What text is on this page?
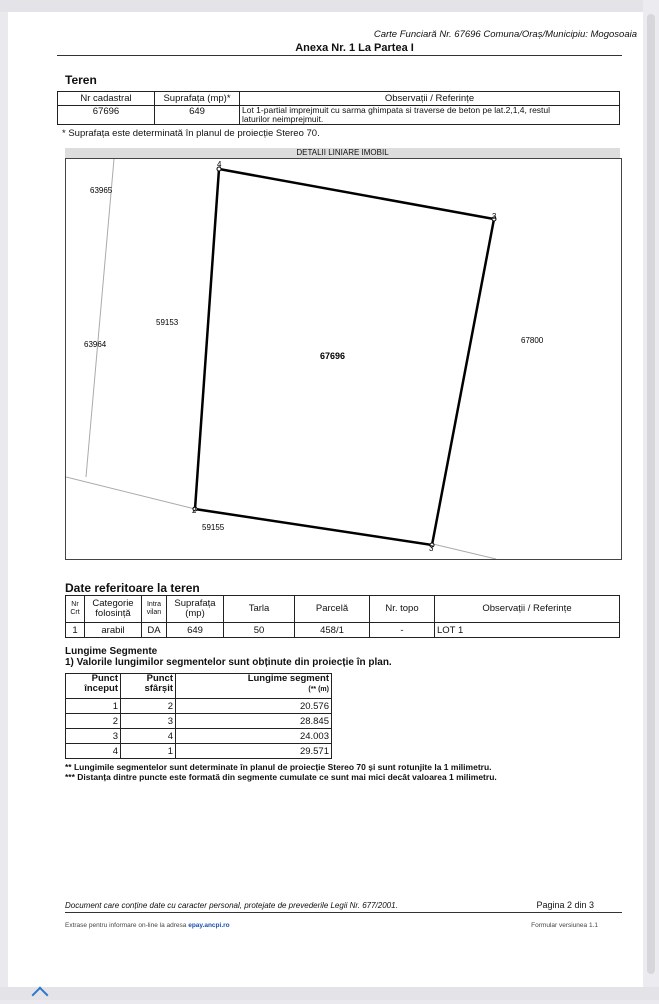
Carte Funciară Nr. 67696 Comuna/Oraș/Municipiu: Mogosoaia
Anexa Nr. 1 La Partea I
Teren
Nr cadastral	Suprafața (mp)*	Observații / Referințe
67696	649	Lot 1-partial imprejmuit cu sarma ghimpata si traverse de beton pe lat.2,1,4, restul
laturilor neimprejmuit.
* Suprafața este determinată în planul de proiecție Stereo 70.
DETALII LINIARE IMOBIL
4
3
3
2
67696
63965
63964
59153
59155
67800
Date referitoare la teren
Nr Crt	Categorie folosință	Intra vilan	Suprafața (mp)	Tarla	Parcelă	Nr. topo	Observații / Referințe
1	arabil	DA	649	50	458/1	-	LOT 1
Lungime Segmente
1) Valorile lungimilor segmentelor sunt obținute din proiecție în plan.
Punct început	Punct sfârșit	Lungime segment
(** (m)
1	2	20.576
2	3	28.845
3	4	24.003
4	1	29.571
** Lungimile segmentelor sunt determinate în planul de proiecție Stereo 70 și sunt rotunjite la 1 milimetru.
*** Distanța dintre puncte este formată din segmente cumulate ce sunt mai mici decât valoarea 1 milimetru.
Document care conține date cu caracter personal, protejate de prevederile Legii Nr. 677/2001.	Pagina 2 din 3
Extrase pentru informare on-line la adresa epay.ancpi.ro	Formular versiunea 1.1
